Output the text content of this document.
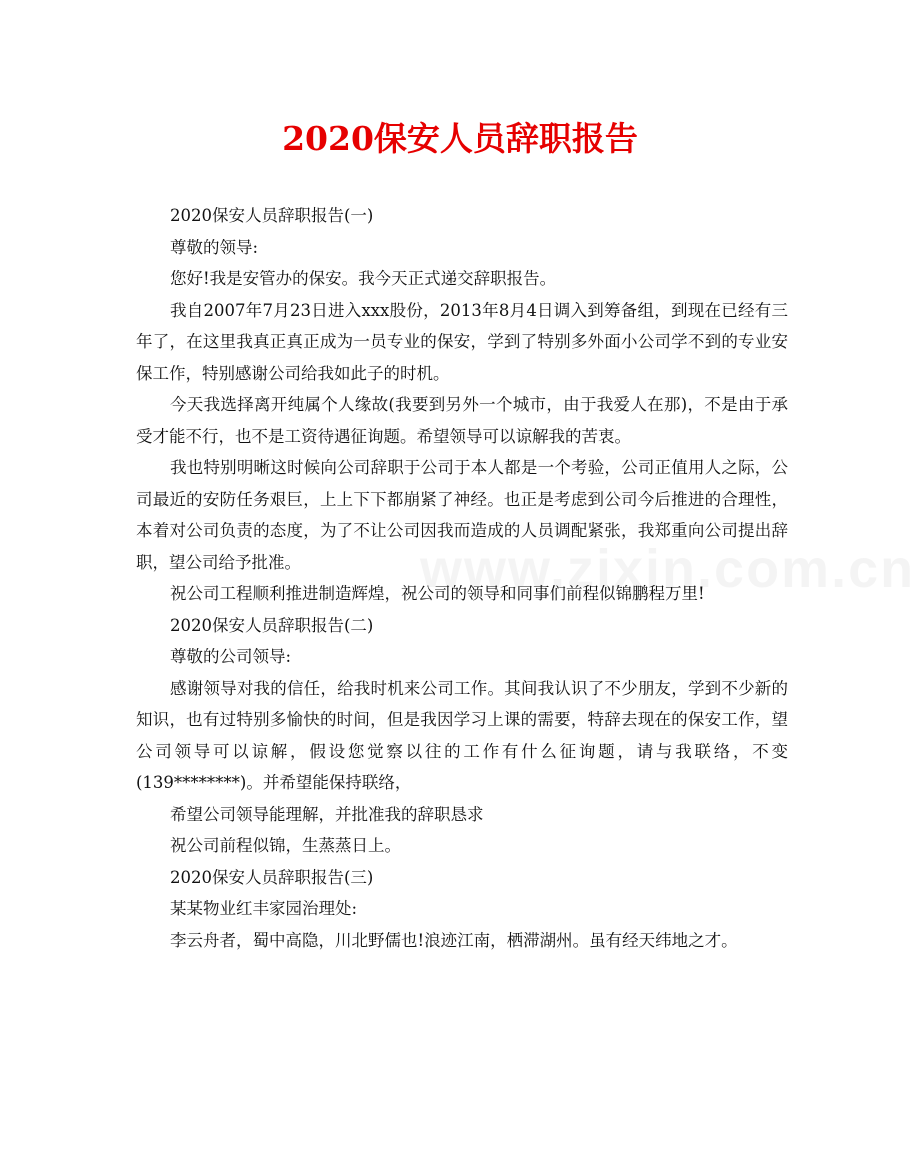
2020保安人员辞职报告

2020保安人员辞职报告(一)

尊敬的领导:

您好!我是安管办的保安。我今天正式递交辞职报告。

我自2007年7月23日进入xxx股份，2013年8月4日调入到筹备组，到现在已经有三年了，在这里我真正真正成为一员专业的保安，学到了特别多外面小公司学不到的专业安保工作，特别感谢公司给我如此子的时机。

今天我选择离开纯属个人缘故(我要到另外一个城市，由于我爱人在那)，不是由于承受才能不行，也不是工资待遇征询题。希望领导可以谅解我的苦衷。

我也特别明晰这时候向公司辞职于公司于本人都是一个考验，公司正值用人之际，公司最近的安防任务艰巨，上上下下都崩紧了神经。也正是考虑到公司今后推进的合理性，本着对公司负责的态度，为了不让公司因我而造成的人员调配紧张，我郑重向公司提出辞职，望公司给予批准。

祝公司工程顺利推进制造辉煌，祝公司的领导和同事们前程似锦鹏程万里!

2020保安人员辞职报告(二)

尊敬的公司领导:

感谢领导对我的信任，给我时机来公司工作。其间我认识了不少朋友，学到不少新的知识，也有过特别多愉快的时间，但是我因学习上课的需要，特辞去现在的保安工作，望公司领导可以谅解，假设您觉察以往的工作有什么征询题，请与我联络，不变(139********)。并希望能保持联络，

希望公司领导能理解，并批准我的辞职恳求

祝公司前程似锦，生蒸蒸日上。

2020保安人员辞职报告(三)

某某物业红丰家园治理处:

李云舟者，蜀中高隐，川北野儒也!浪迹江南，栖滞湖州。虽有经天纬地之才。
